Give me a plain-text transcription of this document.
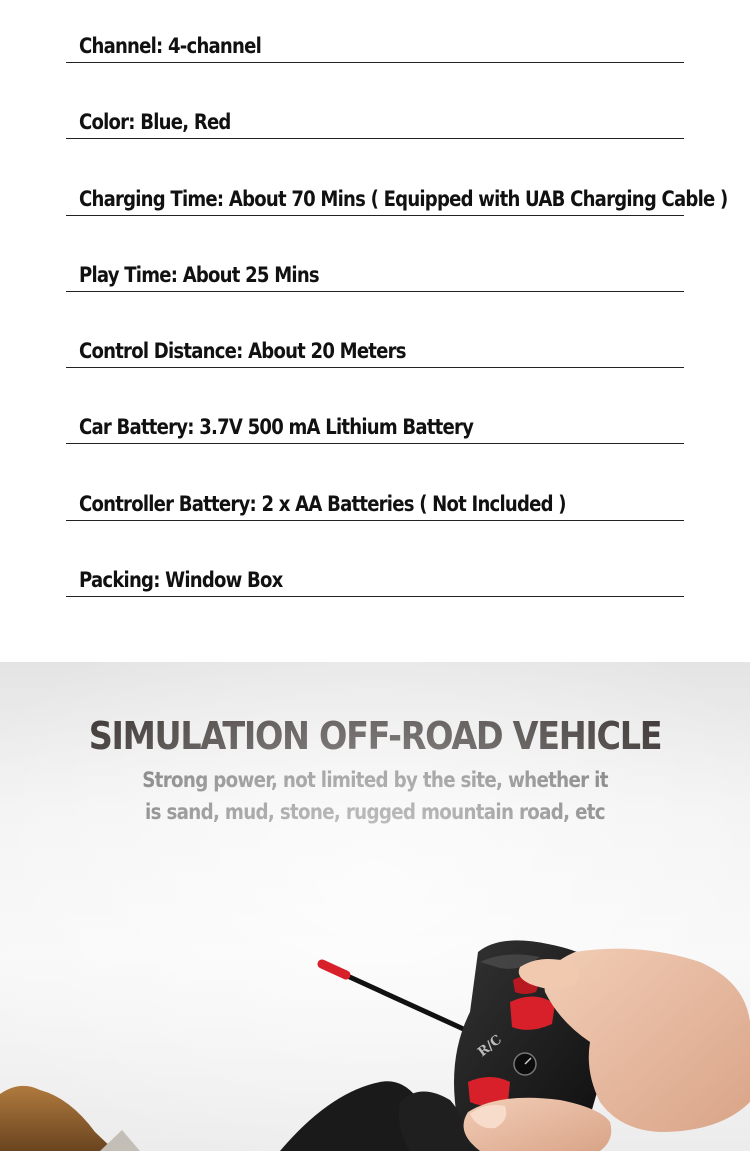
Channel: 4-channel
Color: Blue, Red
Charging Time: About 70 Mins ( Equipped with UAB Charging Cable )
Play Time: About 25 Mins
Control Distance: About 20 Meters
Car Battery: 3.7V 500 mA Lithium Battery
Controller Battery: 2 x AA Batteries ( Not Included )
Packing: Window Box
R/C
